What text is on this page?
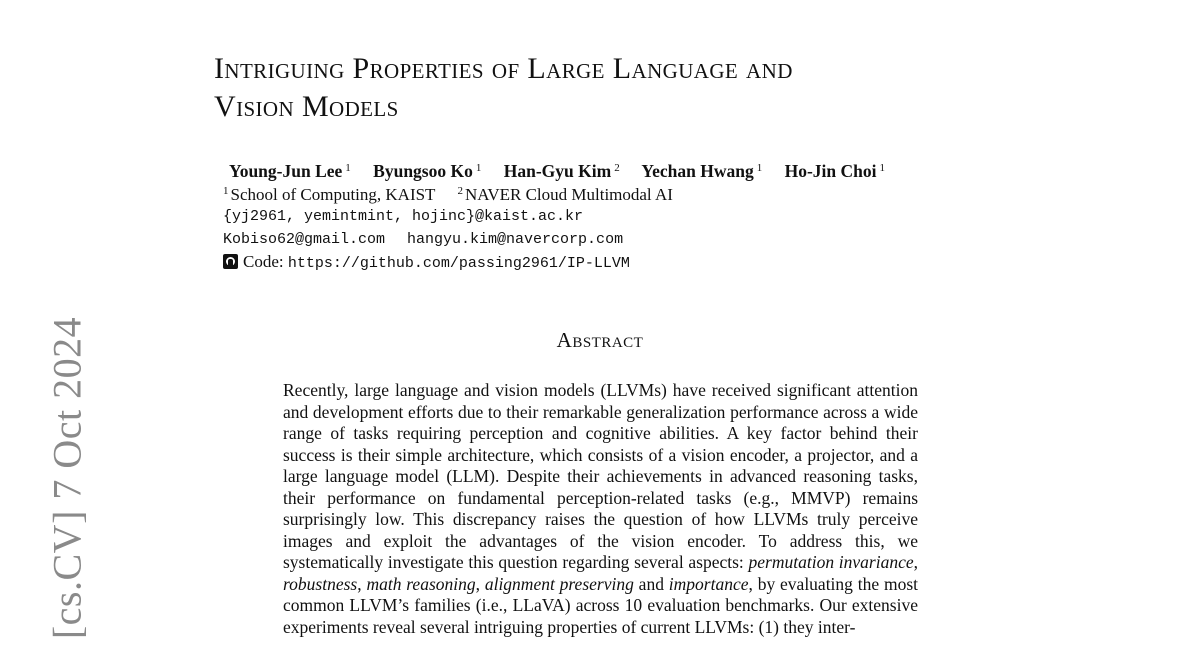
[cs.CV] 7 Oct 2024
Intriguing Properties of Large Language and
Vision Models
Young-Jun Lee $^1$ Byungsoo Ko $^1$ Han-Gyu Kim $^2$ Yechan Hwang $^1$ Ho-Jin Choi $^1$
$^1$ School of Computing, KAIST $^2$ NAVER Cloud Multimodal AI
{yj2961, yemintmint, hojinc}@kaist.ac.kr
Kobiso62@gmail.com hangyu.kim@navercorp.com
Code: https://github.com/passing2961/IP-LLVM
Abstract

Recently, large language and vision models (LLVMs) have received significant attention and development efforts due to their remarkable generalization performance across a wide range of tasks requiring perception and cognitive abilities. A key factor behind their success is their simple architecture, which consists of a vision encoder, a projector, and a large language model (LLM). Despite their achievements in advanced reasoning tasks, their performance on fundamental perception-related tasks (e.g., MMVP) remains surprisingly low. This discrepancy raises the question of how LLVMs truly perceive images and exploit the advantages of the vision encoder. To address this, we systematically investigate this question regarding several aspects: permutation invariance, robustness, math reasoning, alignment preserving and importance, by evaluating the most common LLVM’s families (i.e., LLaVA) across 10 evaluation benchmarks. Our extensive experiments reveal several intriguing properties of current LLVMs: (1) they inter-
